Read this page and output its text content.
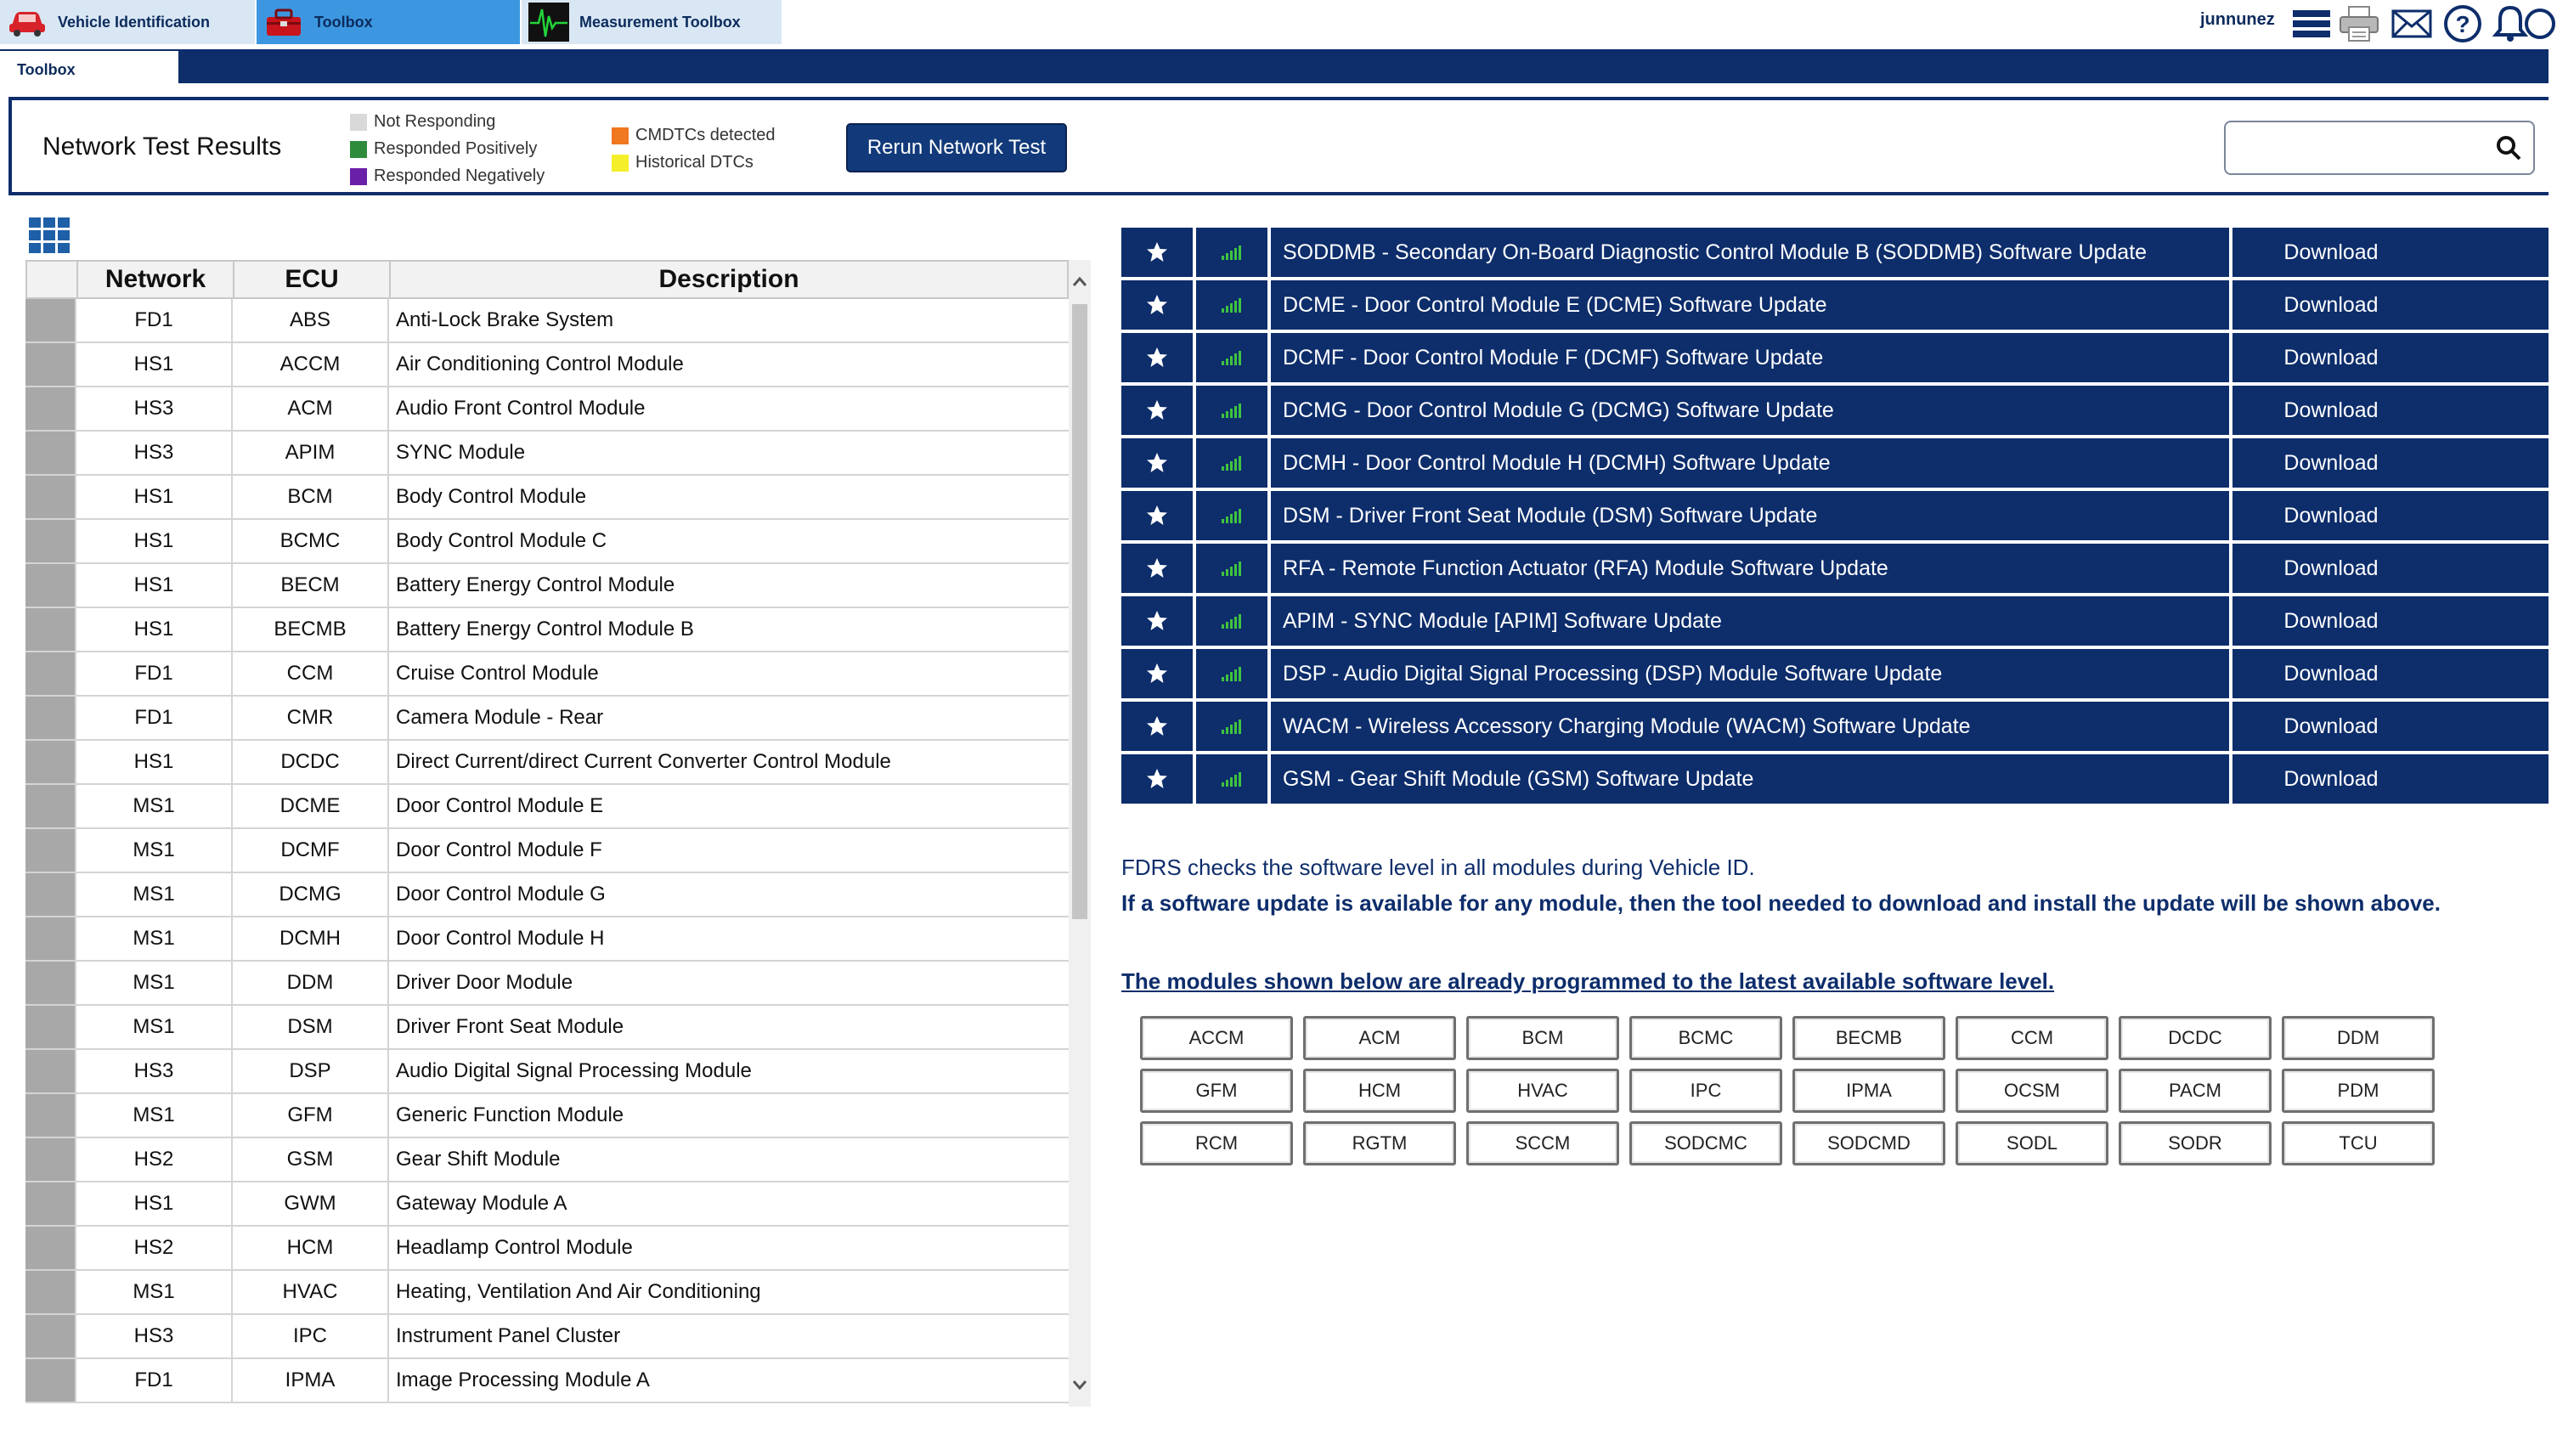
Vehicle Identification	Toolbox	Measurement Toolbox	junnunez	?
Toolbox
Network Test Results
Not Responding
Responded Positively
Responded Negatively
CMDTCs detected
Historical DTCs
Rerun Network Test
Network	ECU	Description
FD1	ABS	Anti-Lock Brake System
HS1	ACCM	Air Conditioning Control Module
HS3	ACM	Audio Front Control Module
HS3	APIM	SYNC Module
HS1	BCM	Body Control Module
HS1	BCMC	Body Control Module C
HS1	BECM	Battery Energy Control Module
HS1	BECMB	Battery Energy Control Module B
FD1	CCM	Cruise Control Module
FD1	CMR	Camera Module - Rear
HS1	DCDC	Direct Current/direct Current Converter Control Module
MS1	DCME	Door Control Module E
MS1	DCMF	Door Control Module F
MS1	DCMG	Door Control Module G
MS1	DCMH	Door Control Module H
MS1	DDM	Driver Door Module
MS1	DSM	Driver Front Seat Module
HS3	DSP	Audio Digital Signal Processing Module
MS1	GFM	Generic Function Module
HS2	GSM	Gear Shift Module
HS1	GWM	Gateway Module A
HS2	HCM	Headlamp Control Module
MS1	HVAC	Heating, Ventilation And Air Conditioning
HS3	IPC	Instrument Panel Cluster
FD1	IPMA	Image Processing Module A
SODDMB - Secondary On-Board Diagnostic Control Module B (SODDMB) Software Update	Download
DCME - Door Control Module E (DCME) Software Update	Download
DCMF - Door Control Module F (DCMF) Software Update	Download
DCMG - Door Control Module G (DCMG) Software Update	Download
DCMH - Door Control Module H (DCMH) Software Update	Download
DSM - Driver Front Seat Module (DSM) Software Update	Download
RFA - Remote Function Actuator (RFA) Module Software Update	Download
APIM - SYNC Module [APIM] Software Update	Download
DSP - Audio Digital Signal Processing (DSP) Module Software Update	Download
WACM - Wireless Accessory Charging Module (WACM) Software Update	Download
GSM - Gear Shift Module (GSM) Software Update	Download
FDRS checks the software level in all modules during Vehicle ID.
If a software update is available for any module, then the tool needed to download and install the update will be shown above.
The modules shown below are already programmed to the latest available software level.
ACCM	ACM	BCM	BCMC	BECMB	CCM	DCDC	DDM
GFM	HCM	HVAC	IPC	IPMA	OCSM	PACM	PDM
RCM	RGTM	SCCM	SODCMC	SODCMD	SODL	SODR	TCU
